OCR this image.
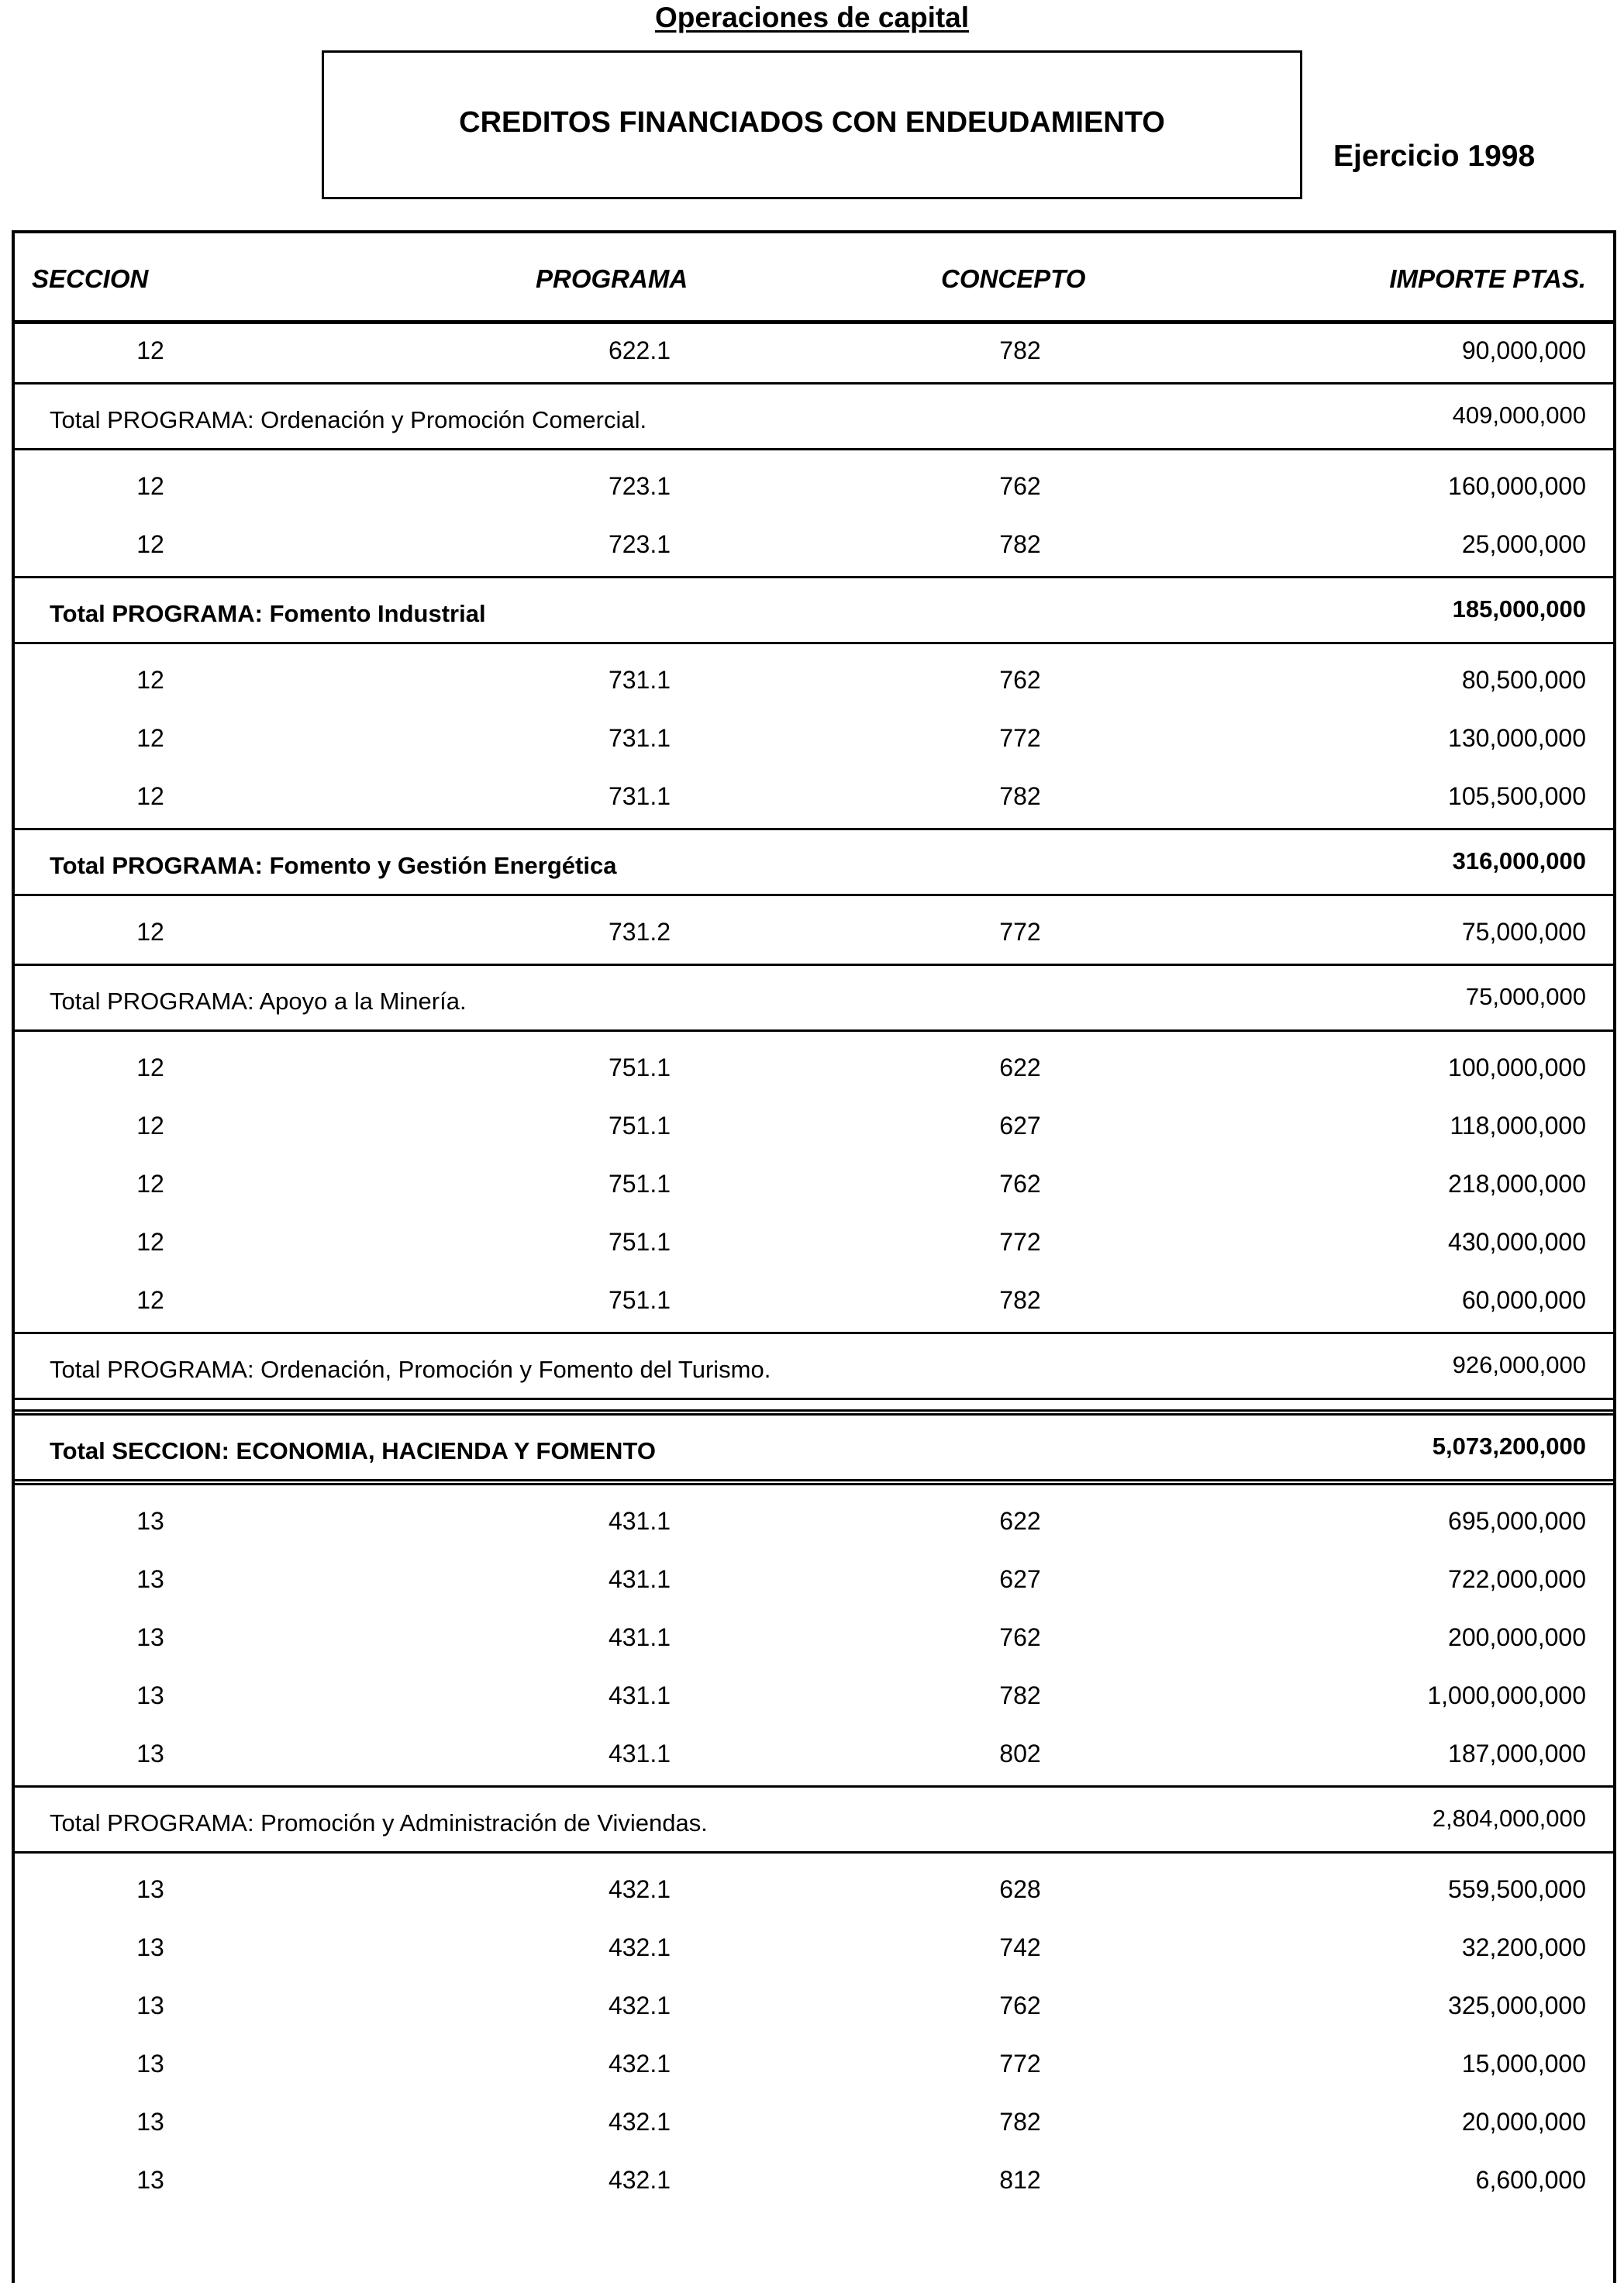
Operaciones de capital
CREDITOS FINANCIADOS CON ENDEUDAMIENTO
Ejercicio 1998
SECCION	PROGRAMA	CONCEPTO	IMPORTE PTAS.
12	622.1	782	90,000,000
Total PROGRAMA: Ordenación y Promoción Comercial.	409,000,000
12	723.1	762	160,000,000
12	723.1	782	25,000,000
Total PROGRAMA: Fomento Industrial	185,000,000
12	731.1	762	80,500,000
12	731.1	772	130,000,000
12	731.1	782	105,500,000
Total PROGRAMA: Fomento y Gestión Energética	316,000,000
12	731.2	772	75,000,000
Total PROGRAMA: Apoyo a la Minería.	75,000,000
12	751.1	622	100,000,000
12	751.1	627	118,000,000
12	751.1	762	218,000,000
12	751.1	772	430,000,000
12	751.1	782	60,000,000
Total PROGRAMA: Ordenación, Promoción y Fomento del Turismo.	926,000,000
Total SECCION: ECONOMIA, HACIENDA Y FOMENTO	5,073,200,000
13	431.1	622	695,000,000
13	431.1	627	722,000,000
13	431.1	762	200,000,000
13	431.1	782	1,000,000,000
13	431.1	802	187,000,000
Total PROGRAMA: Promoción y Administración de Viviendas.	2,804,000,000
13	432.1	628	559,500,000
13	432.1	742	32,200,000
13	432.1	762	325,000,000
13	432.1	772	15,000,000
13	432.1	782	20,000,000
13	432.1	812	6,600,000
